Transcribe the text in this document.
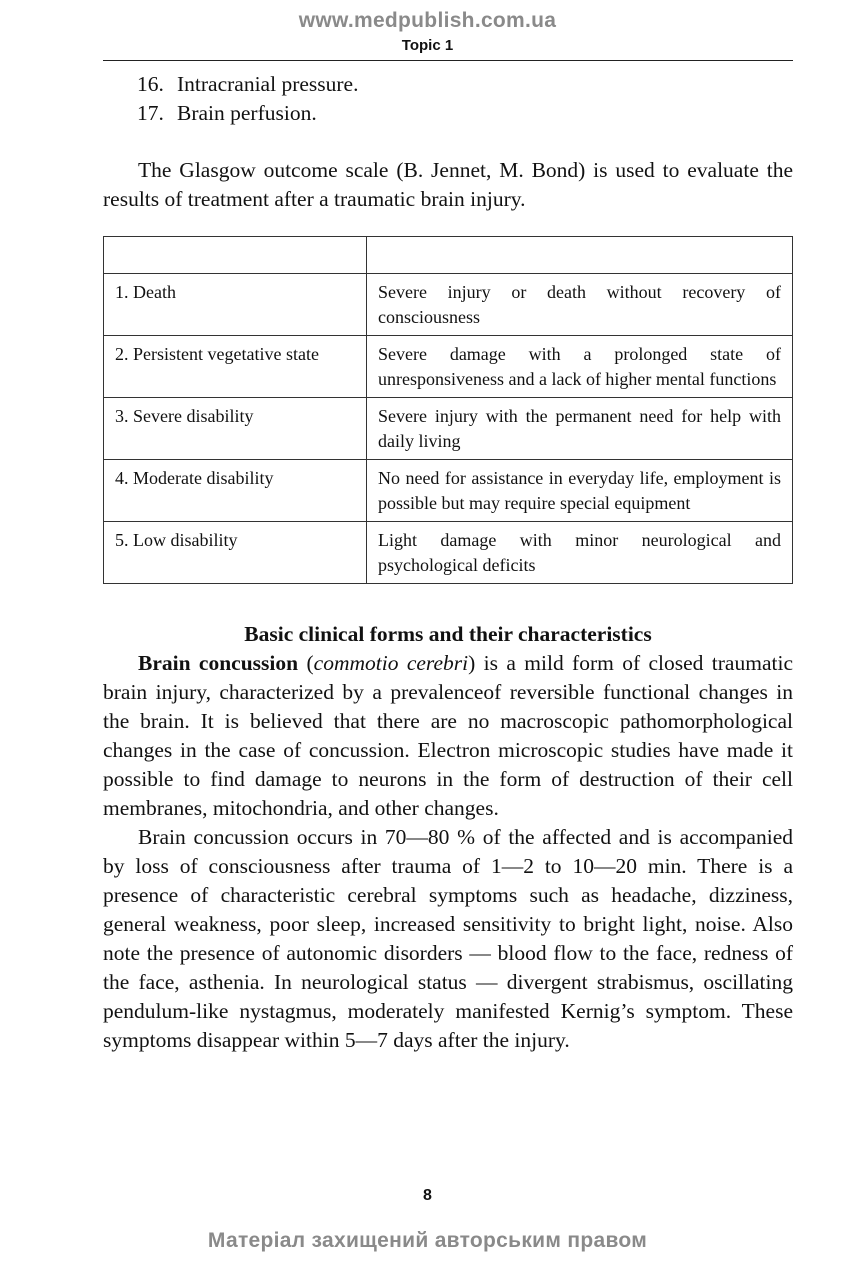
www.medpublish.com.ua
Topic 1
16. Intracranial pressure.
17. Brain perfusion.

The Glasgow outcome scale (B. Jennet, M. Bond) is used to evaluate the results of treatment after a traumatic brain injury.

1. Death	Severe injury or death without recovery of consciousness
2. Persistent vegetative state	Severe damage with a prolonged state of unresponsiveness and a lack of higher mental functions
3. Severe disability	Severe injury with the permanent need for help with daily living
4. Moderate disability	No need for assistance in everyday life, employment is possible but may require special equipment
5. Low disability	Light damage with minor neurological and psychological deficits
Basic clinical forms and their characteristics

Brain concussion (commotio cerebri) is a mild form of closed traumatic brain injury, characterized by a prevalenceof reversible functional changes in the brain. It is believed that there are no macroscopic pathomorphological changes in the case of concussion. Electron microscopic studies have made it possible to find damage to neurons in the form of destruction of their cell membranes, mitochondria, and other changes.

Brain concussion occurs in 70—80 % of the affected and is accompanied by loss of consciousness after trauma of 1—2 to 10—20 min. There is a presence of characteristic cerebral symptoms such as headache, dizziness, general weakness, poor sleep, increased sensitivity to bright light, noise. Also note the presence of autonomic disorders — blood flow to the face, redness of the face, asthenia. In neurological status — divergent strabismus, oscillating pendulum-like nystagmus, moderately manifested Kernig’s symptom. These symptoms disappear within 5—7 days after the injury.

8
Матеріал захищений авторським правом
